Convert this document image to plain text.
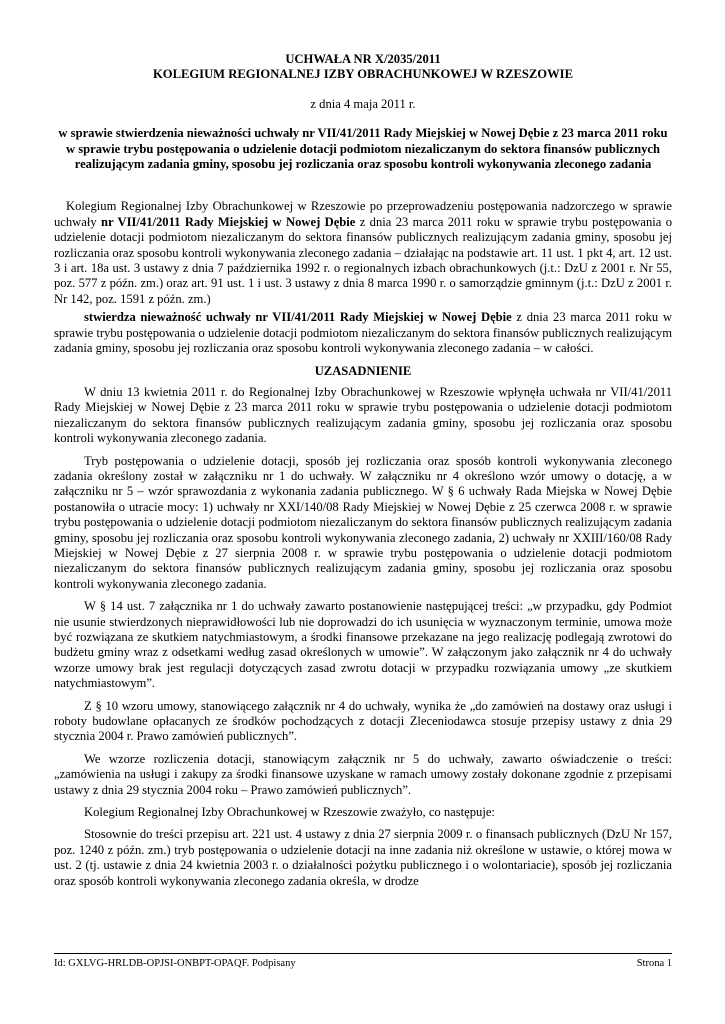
UCHWAŁA NR X/2035/2011
KOLEGIUM REGIONALNEJ IZBY OBRACHUNKOWEJ W RZESZOWIE
z dnia 4 maja 2011 r.
w sprawie stwierdzenia nieważności uchwały nr VII/41/2011 Rady Miejskiej w Nowej Dębie z 23 marca 2011 roku w sprawie trybu postępowania o udzielenie dotacji podmiotom niezaliczanym do sektora finansów publicznych realizującym zadania gminy, sposobu jej rozliczania oraz sposobu kontroli wykonywania zleconego zadania

Kolegium Regionalnej Izby Obrachunkowej w Rzeszowie po przeprowadzeniu postępowania nadzorczego w sprawie uchwały nr VII/41/2011 Rady Miejskiej w Nowej Dębie z dnia 23 marca 2011 roku w sprawie trybu postępowania o udzielenie dotacji podmiotom niezaliczanym do sektora finansów publicznych realizującym zadania gminy, sposobu jej rozliczania oraz sposobu kontroli wykonywania zleconego zadania – działając na podstawie art. 11 ust. 1 pkt 4, art. 12 ust. 3 i art. 18a ust. 3 ustawy z dnia 7 października 1992 r. o regionalnych izbach obrachunkowych (j.t.: DzU z 2001 r. Nr 55, poz. 577 z późn. zm.) oraz art. 91 ust. 1 i ust. 3 ustawy z dnia 8 marca 1990 r. o samorządzie gminnym (j.t.: DzU z 2001 r. Nr 142, poz. 1591 z późn. zm.)

stwierdza nieważność uchwały nr VII/41/2011 Rady Miejskiej w Nowej Dębie z dnia 23 marca 2011 roku w sprawie trybu postępowania o udzielenie dotacji podmiotom niezaliczanym do sektora finansów publicznych realizującym zadania gminy, sposobu jej rozliczania oraz sposobu kontroli wykonywania zleconego zadania – w całości.

UZASADNIENIE

W dniu 13 kwietnia 2011 r. do Regionalnej Izby Obrachunkowej w Rzeszowie wpłynęła uchwała nr VII/41/2011 Rady Miejskiej w Nowej Dębie z 23 marca 2011 roku w sprawie trybu postępowania o udzielenie dotacji podmiotom niezaliczanym do sektora finansów publicznych realizującym zadania gminy, sposobu jej rozliczania oraz sposobu kontroli wykonywania zleconego zadania.

Tryb postępowania o udzielenie dotacji, sposób jej rozliczania oraz sposób kontroli wykonywania zleconego zadania określony został w załączniku nr 1 do uchwały. W załączniku nr 4 określono wzór umowy o dotację, a w załączniku nr 5 – wzór sprawozdania z wykonania zadania publicznego. W § 6 uchwały Rada Miejska w Nowej Dębie postanowiła o utracie mocy: 1) uchwały nr XXI/140/08 Rady Miejskiej w Nowej Dębie z 25 czerwca 2008 r. w sprawie trybu postępowania o udzielenie dotacji podmiotom niezaliczanym do sektora finansów publicznych realizującym zadania gminy, sposobu jej rozliczania oraz sposobu kontroli wykonywania zleconego zadania, 2) uchwały nr XXIII/160/08 Rady Miejskiej w Nowej Dębie z 27 sierpnia 2008 r. w sprawie trybu postępowania o udzielenie dotacji podmiotom niezaliczanym do sektora finansów publicznych realizującym zadania gminy, sposobu jej rozliczania oraz sposobu kontroli wykonywania zleconego zadania.

W § 14 ust. 7 załącznika nr 1 do uchwały zawarto postanowienie następującej treści: „w przypadku, gdy Podmiot nie usunie stwierdzonych nieprawidłowości lub nie doprowadzi do ich usunięcia w wyznaczonym terminie, umowa może być rozwiązana ze skutkiem natychmiastowym, a środki finansowe przekazane na jego realizację podlegają zwrotowi do budżetu gminy wraz z odsetkami według zasad określonych w umowie”. W załączonym jako załącznik nr 4 do uchwały wzorze umowy brak jest regulacji dotyczących zasad zwrotu dotacji w przypadku rozwiązania umowy „ze skutkiem natychmiastowym”.

Z § 10 wzoru umowy, stanowiącego załącznik nr 4 do uchwały, wynika że „do zamówień na dostawy oraz usługi i roboty budowlane opłacanych ze środków pochodzących z dotacji Zleceniodawca stosuje przepisy ustawy z dnia 29 stycznia 2004 r. Prawo zamówień publicznych”.

We wzorze rozliczenia dotacji, stanowiącym załącznik nr 5 do uchwały, zawarto oświadczenie o treści: „zamówienia na usługi i zakupy za środki finansowe uzyskane w ramach umowy zostały dokonane zgodnie z przepisami ustawy z dnia 29 stycznia 2004 roku – Prawo zamówień publicznych”.

Kolegium Regionalnej Izby Obrachunkowej w Rzeszowie zważyło, co następuje:

Stosownie do treści przepisu art. 221 ust. 4 ustawy z dnia 27 sierpnia 2009 r. o finansach publicznych (DzU Nr 157, poz. 1240 z późn. zm.) tryb postępowania o udzielenie dotacji na inne zadania niż określone w ustawie, o której mowa w ust. 2 (tj. ustawie z dnia 24 kwietnia 2003 r. o działalności pożytku publicznego i o wolontariacie), sposób jej rozliczania oraz sposób kontroli wykonywania zleconego zadania określa, w drodze

Id: GXLVG-HRLDB-OPJSI-ONBPT-OPAQF. Podpisany	Strona 1
